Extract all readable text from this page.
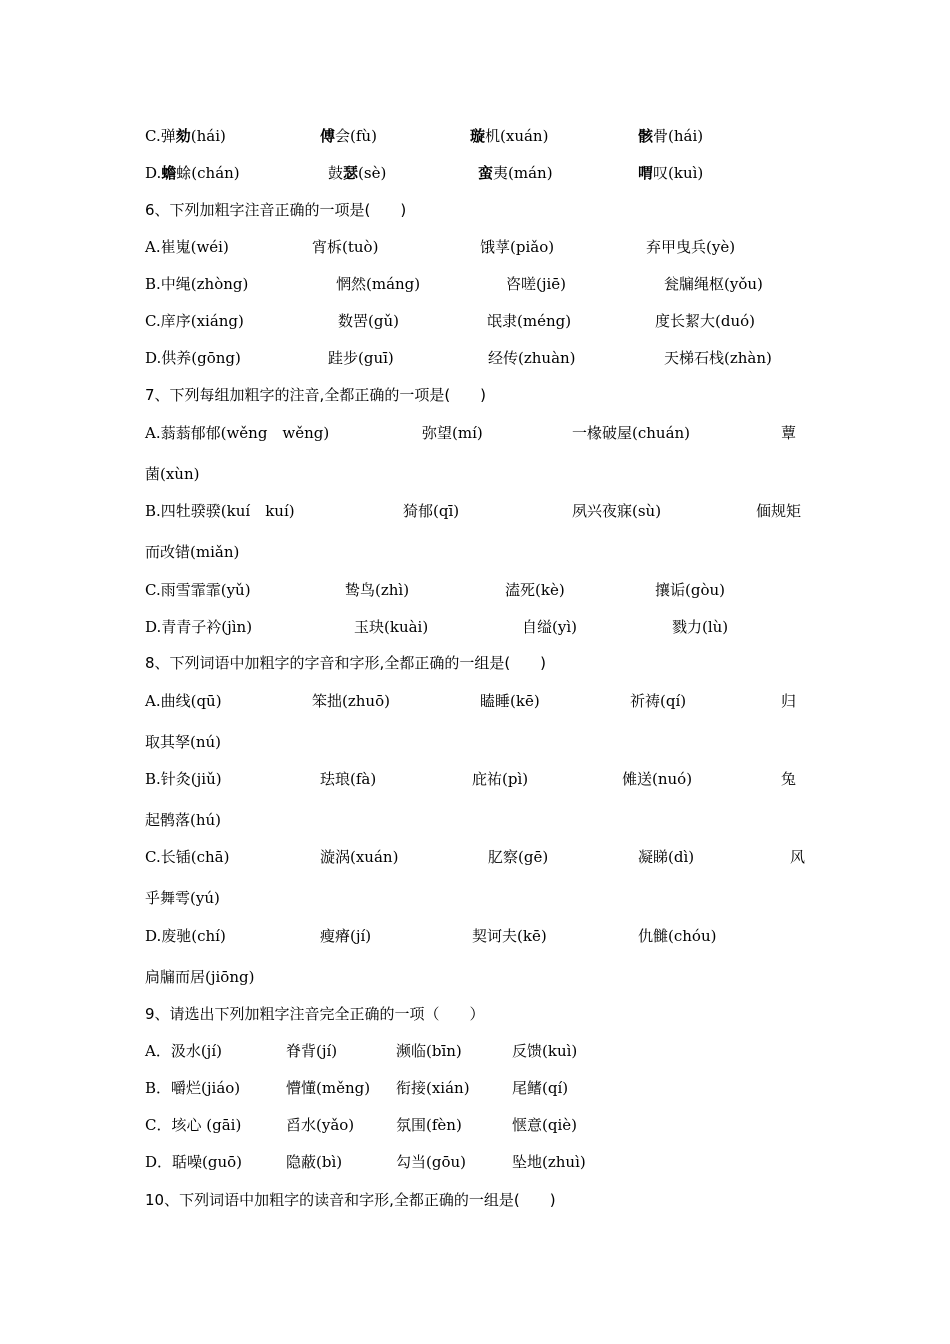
C.弹劾(hái)	傅会(fù)	璇机(xuán)	骸骨(hái)
D.蟾蜍(chán)	鼓瑟(sè)	蛮夷(mán)	喟叹(kuì)
6、下列加粗字注音正确的一项是(　　)
A.崔嵬(wéi)	宵柝(tuò)	饿莩(piǎo)	弃甲曳兵(yè)
B.中绳(zhòng)	惘然(máng)	咨嗟(jiē)	瓮牖绳枢(yǒu)
C.庠序(xiáng)	数罟(gǔ)	氓隶(méng)	度长絜大(duó)
D.供养(gōng)	跬步(guī)	经传(zhuàn)	天梯石栈(zhàn)
7、下列每组加粗字的注音,全都正确的一项是(　　)
A.蓊蓊郁郁(wěng　wěng)	弥望(mí)	一椽破屋(chuán)	蕈
菌(xùn)
B.四牡骙骙(kuí　kuí)	猗郁(qī)	夙兴夜寐(sù)	偭规矩
而改错(miǎn)
C.雨雪霏霏(yǔ)	鸷鸟(zhì)	溘死(kè)	攘诟(gòu)
D.青青子衿(jìn)	玉玦(kuài)	自缢(yì)	戮力(lù)
8、下列词语中加粗字的字音和字形,全都正确的一组是(　　)
A.曲线(qū)	笨拙(zhuō)	瞌睡(kē)	祈祷(qí)	归
取其孥(nú)
B.针灸(jiǔ)	珐琅(fà)	庇祐(pì)	傩送(nuó)	兔
起鹘落(hú)
C.长锸(chā)	漩涡(xuán)	肊察(gē)	凝睇(dì)	风
乎舞雩(yú)
D.废驰(chí)	瘦瘠(jí)	契诃夫(kē)	仇雠(chóu)
扃牖而居(jiōng)
9、请选出下列加粗字注音完全正确的一项（　　）
A．汲水(jí)	脊背(jí)	濒临(bīn)	反馈(kuì)
B．嚼烂(jiáo)	懵懂(měng) 衔接(xián)	尾鳍(qí)
C．垓心 (gāi)	舀水(yǎo)	氛围(fèn)	惬意(qiè)
D．聒噪(guō)	隐蔽(bì)	勾当(gōu)	坠地(zhuì)
10、下列词语中加粗字的读音和字形,全都正确的一组是(　　)
